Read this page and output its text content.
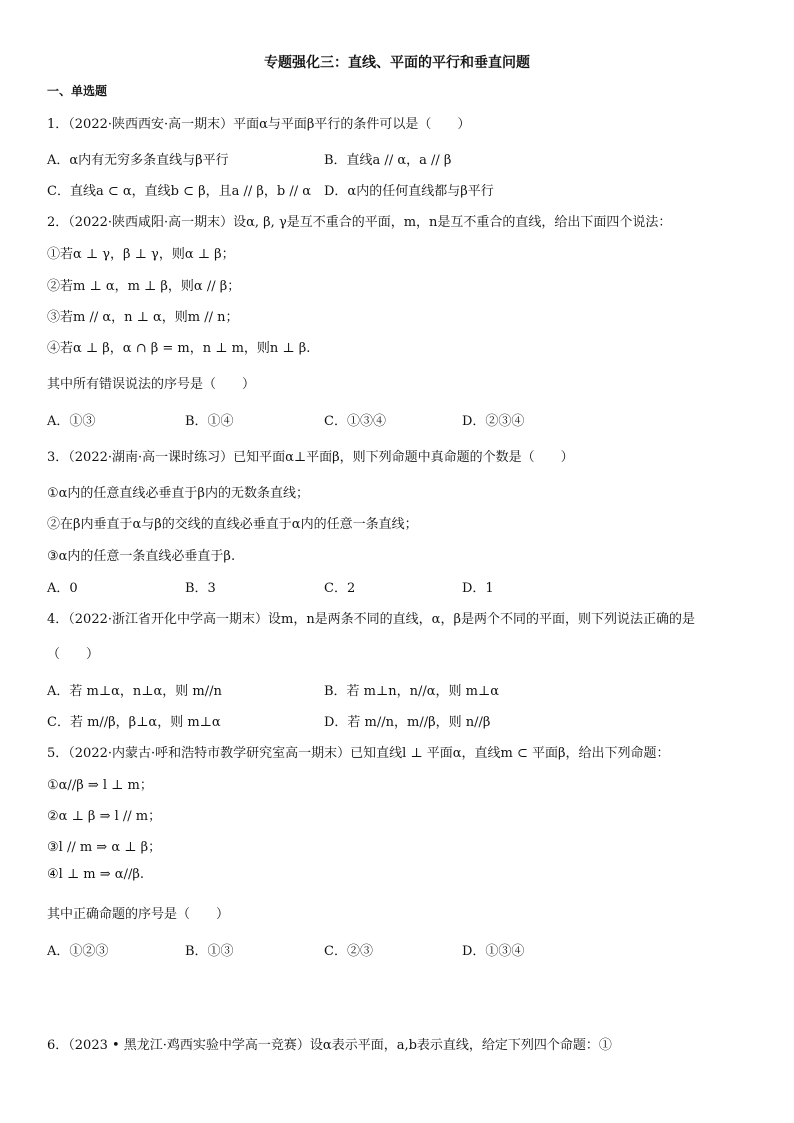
专题强化三：直线、平面的平行和垂直问题
一、单选题
1．（2022·陕西西安·高一期末）平面α与平面β平行的条件可以是（　　）
A．α内有无穷多条直线与β平行	B．直线a // α，a // β
C．直线a ⊂ α，直线b ⊂ β，且a // β，b // α D．α内的任何直线都与β平行
2．（2022·陕西咸阳·高一期末）设α, β, γ是互不重合的平面，m，n是互不重合的直线，给出下面四个说法：
①若α ⊥ γ，β ⊥ γ，则α ⊥ β；
②若m ⊥ α，m ⊥ β，则α // β；
③若m // α，n ⊥ α，则m // n；
④若α ⊥ β，α ∩ β = m，n ⊥ m，则n ⊥ β.
其中所有错误说法的序号是（　　）
A．①③	B．①④	C．①③④	D．②③④
3．（2022·湖南·高一课时练习）已知平面α⊥平面β，则下列命题中真命题的个数是（　　）
①α内的任意直线必垂直于β内的无数条直线；
②在β内垂直于α与β的交线的直线必垂直于α内的任意一条直线；
③α内的任意一条直线必垂直于β.
A．0	B．3	C．2	D．1
4．（2022·浙江省开化中学高一期末）设m，n是两条不同的直线，α，β是两个不同的平面，则下列说法正确的是
（　　）
A．若 m⊥α，n⊥α，则 m//n	B．若 m⊥n，n//α，则 m⊥α
C．若 m//β，β⊥α，则 m⊥α	D．若 m//n，m//β，则 n//β
5．（2022·内蒙古·呼和浩特市教学研究室高一期末）已知直线l ⊥ 平面α，直线m ⊂ 平面β，给出下列命题：
①α//β ⇒ l ⊥ m；
②α ⊥ β ⇒ l // m；
③l // m ⇒ α ⊥ β；
④l ⊥ m ⇒ α//β.
其中正确命题的序号是（　　）
A．①②③	B．①③	C．②③	D．①③④
6．（2023 • 黑龙江·鸡西实验中学高一竞赛）设α表示平面，a,b表示直线，给定下列四个命题：①
